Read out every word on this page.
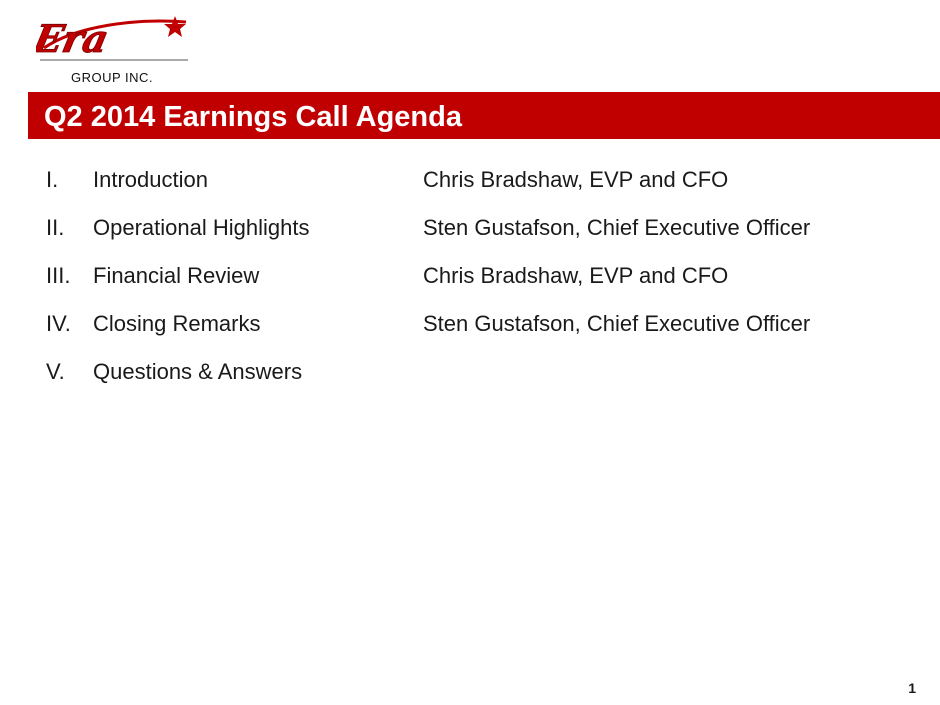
Era
GROUP INC.
Q2 2014 Earnings Call Agenda
I. Introduction	Chris Bradshaw, EVP and CFO
II. Operational Highlights	Sten Gustafson, Chief Executive Officer
III. Financial Review	Chris Bradshaw, EVP and CFO
IV. Closing Remarks	Sten Gustafson, Chief Executive Officer
V. Questions & Answers
1
